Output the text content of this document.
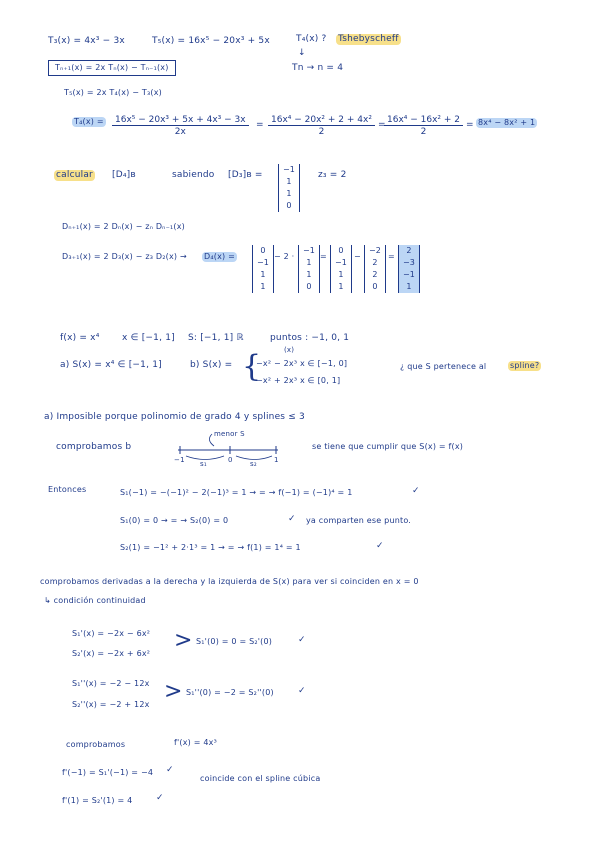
T₃(x) = 4x³ − 3x	T₅(x) = 16x⁵ − 20x³ + 5x	T₄(x) ? Tshebyscheff
↓
Tn → n = 4
Tₙ₊₁(x) = 2x Tₙ(x) − Tₙ₋₁(x)
T₅(x) = 2x T₄(x) − T₃(x)
$T_4(x) = \frac{\text{16x⁵ − 20x³ + 5x + 4x³ − 3x}}{2x} = \frac{\text{16x⁴ − 20x² + 2 + 4x²}}{2}$ =
$\frac{\text{16x⁴ − 16x² + 2}}{2} = 8x^4 - 8x^2 + 1$
calcular [D₄]ʙ	sabiendo [D₃]ʙ =
−1
1
1
0
z₃ = 2
Dₙ₊₁(x) = 2 Dₙ(x) − zₙ Dₙ₋₁(x)
D₃₊₁(x) = 2 D₃(x) − z₃ D₂(x) → D₄(x) =
0
−1
1
1
− 2 ·
−1
1
1
0
=
0
−1
1
1
−
−2
2
2
0
=
2
−3
−1
1
f(x) = x⁴ x ∈ [−1, 1] S: [−1, 1] ℝ	puntos : −1, 0, 1
(x)
a) S(x) = x⁴ ∈ [−1, 1]	b) S(x) = {
−x² − 2x³ x ∈ [−1, 0]
−x² + 2x³ x ∈ [0, 1]
¿ que S pertenece al	spline?
a) Imposible porque polinomio de grado 4 y splines ≤ 3
comprobamos b
menor S
−1 s₁	0 s₂ 1
se tiene que cumplir que S(x) = f(x)
Entonces	S₁(−1) = −(−1)² − 2(−1)³ = 1 → = → f(−1) = (−1)⁴ = 1	✓
S₁(0) = 0 → = → S₂(0) = 0	✓ ya comparten ese punto.
S₂(1) = −1² + 2·1³ = 1 → = → f(1) = 1⁴ = 1	✓
comprobamos derivadas a la derecha y la izquierda de S(x) para ver si coinciden en x = 0
↳ condición continuidad
S₁'(x) = −2x − 6x²
S₂'(x) = −2x + 6x²
> S₁'(0) = 0 = S₂'(0)	✓
S₁''(x) = −2 − 12x
S₂''(x) = −2 + 12x
> S₁''(0) = −2 = S₂''(0)	✓
comprobamos	f'(x) = 4x³
f'(−1) = S₁'(−1) = −4 ✓
coincide con el spline cúbica
f'(1) = S₂'(1) = 4	✓
